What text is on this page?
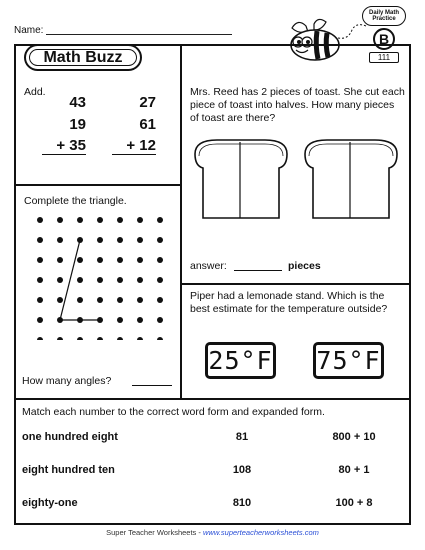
Name:
Daily Math
Practice
B
111
Math Buzz
Add.
43
19
+ 35
27
61
+ 12
Complete the triangle.
How many angles?
Mrs. Reed has 2 pieces of toast. She cut each piece of toast into halves. How many pieces of toast are there?
answer:	pieces
Piper had a lemonade stand. Which is the best estimate for the temperature outside?
25°F 75°F
Match each number to the correct word form and expanded form.
one hundred eight	81	800 + 10
eight hundred ten	108	80 + 1
eighty-one	810	100 + 8
Super Teacher Worksheets - www.superteacherworksheets.com
